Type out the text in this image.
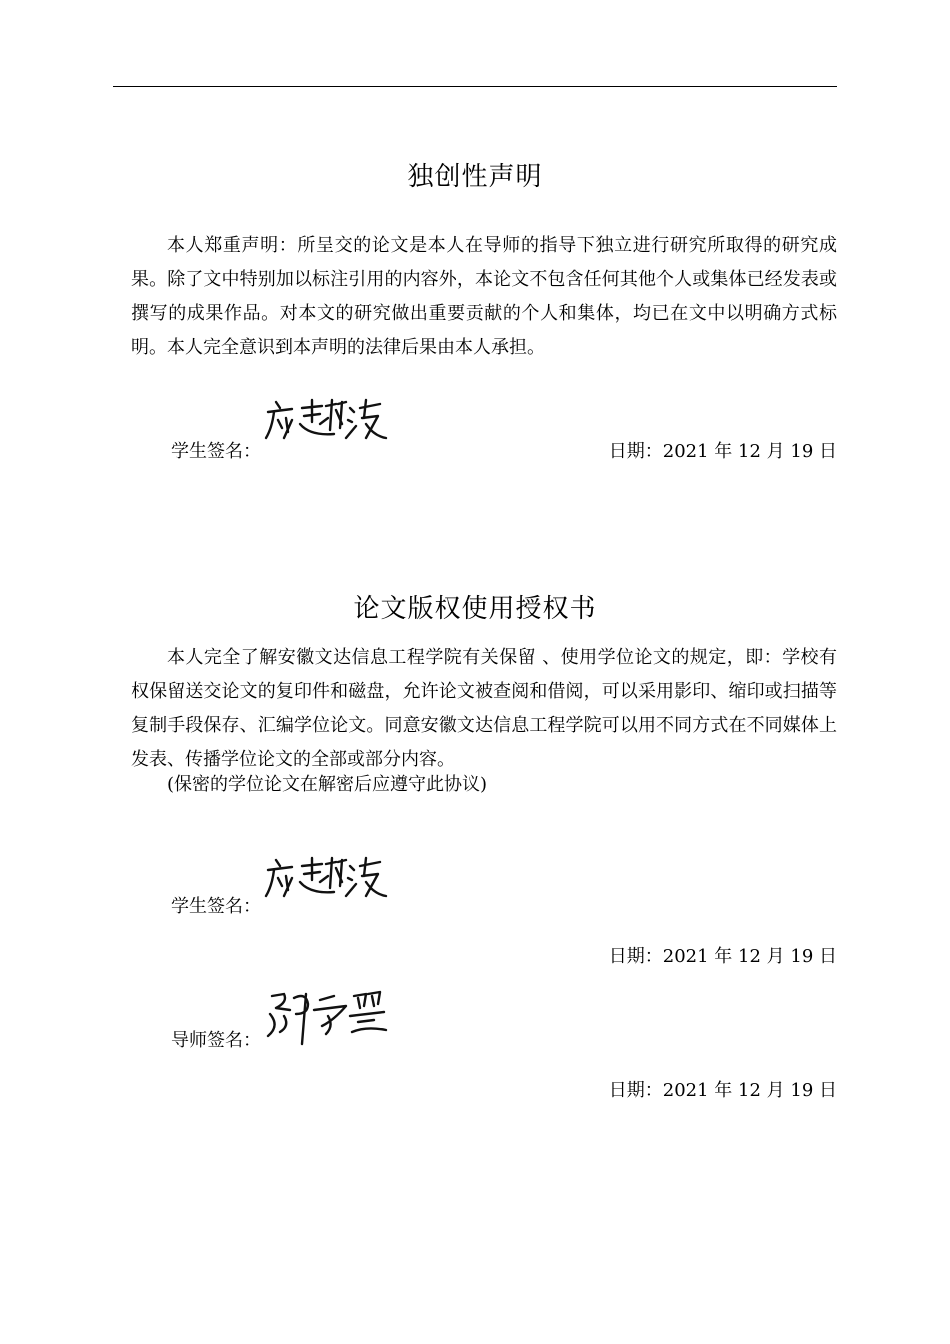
独创性声明
本人郑重声明：所呈交的论文是本人在导师的指导下独立进行研究所取得的研究成果。除了文中特别加以标注引用的内容外，本论文不包含任何其他个人或集体已经发表或撰写的成果作品。对本文的研究做出重要贡献的个人和集体，均已在文中以明确方式标明。本人完全意识到本声明的法律后果由本人承担。
学生签名：	日期：2021 年 12 月 19 日
论文版权使用授权书
本人完全了解安徽文达信息工程学院有关保留 、使用学位论文的规定，即：学校有权保留送交论文的复印件和磁盘，允许论文被查阅和借阅，可以采用影印、缩印或扫描等复制手段保存、汇编学位论文。同意安徽文达信息工程学院可以用不同方式在不同媒体上发表、传播学位论文的全部或部分内容。
(保密的学位论文在解密后应遵守此协议)
学生签名：
日期：2021 年 12 月 19 日
导师签名：
日期：2021 年 12 月 19 日
